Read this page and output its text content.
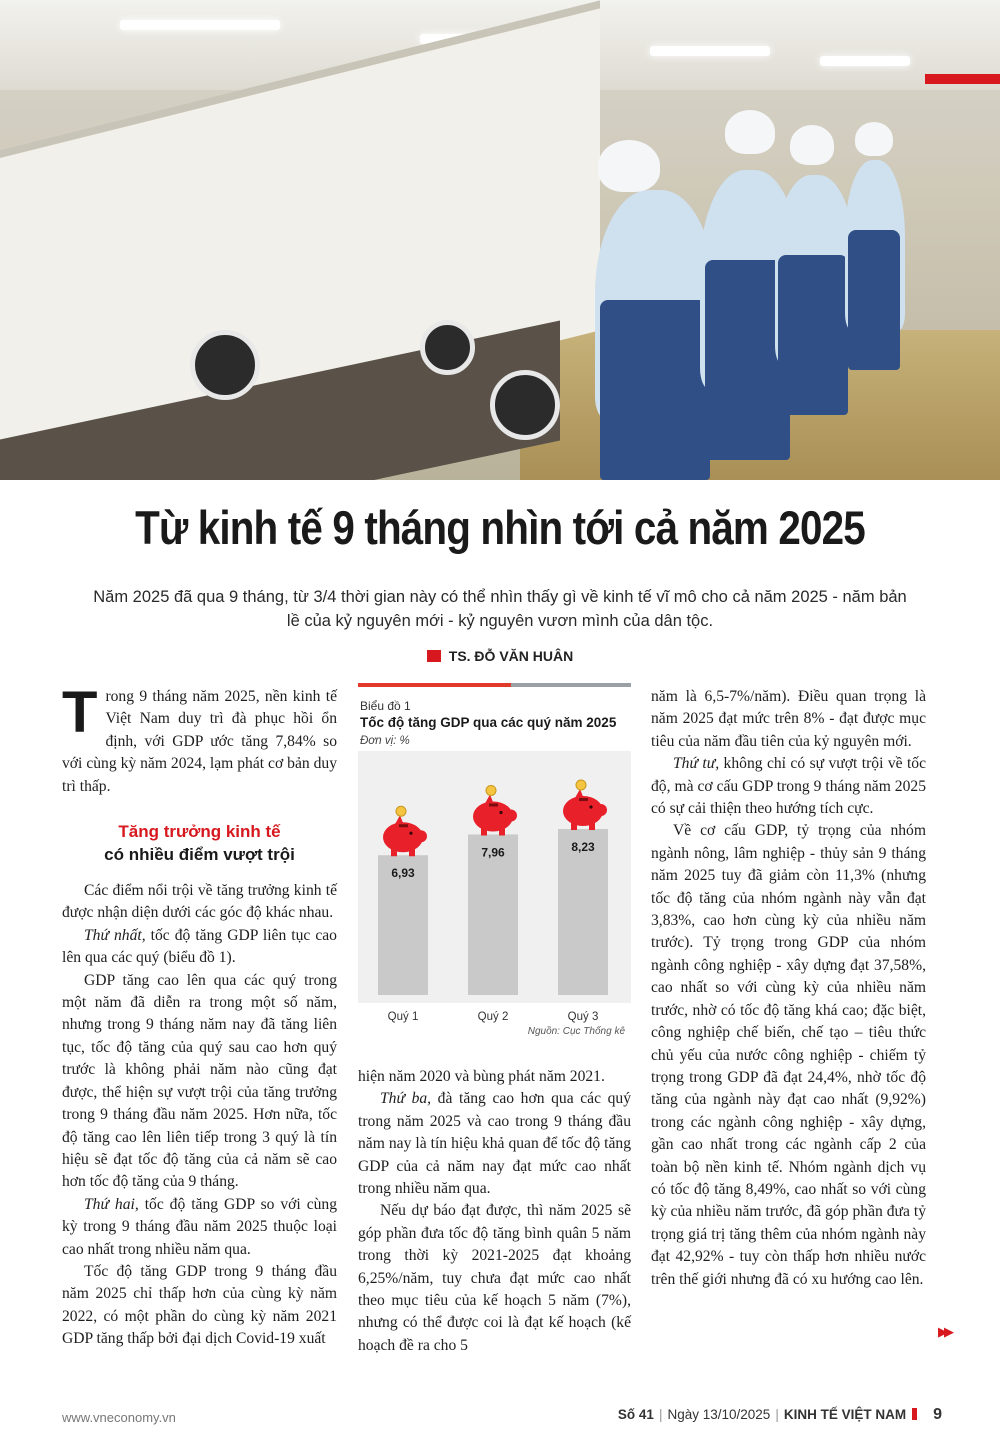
Từ kinh tế 9 tháng nhìn tới cả năm 2025

Năm 2025 đã qua 9 tháng, từ 3/4 thời gian này có thể nhìn thấy gì về kinh tế vĩ mô cho cả năm 2025 - năm bản lề của kỷ nguyên mới - kỷ nguyên vươn mình của dân tộc.

TS. ĐỖ VĂN HUÂN

Trong 9 tháng năm 2025, nền kinh tế Việt Nam duy trì đà phục hồi ổn định, với GDP ước tăng 7,84% so với cùng kỳ năm 2024, lạm phát cơ bản duy trì thấp.

Tăng trưởng kinh tế
có nhiều điểm vượt trội

Các điểm nổi trội về tăng trưởng kinh tế được nhận diện dưới các góc độ khác nhau.

Thứ nhất, tốc độ tăng GDP liên tục cao lên qua các quý (biểu đồ 1).

GDP tăng cao lên qua các quý trong một năm đã diễn ra trong một số năm, nhưng trong 9 tháng năm nay đã tăng liên tục, tốc độ tăng của quý sau cao hơn quý trước là không phải năm nào cũng đạt được, thể hiện sự vượt trội của tăng trưởng trong 9 tháng đầu năm 2025. Hơn nữa, tốc độ tăng cao lên liên tiếp trong 3 quý là tín hiệu sẽ đạt tốc độ tăng của cả năm sẽ cao hơn tốc độ tăng của 9 tháng.

Thứ hai, tốc độ tăng GDP so với cùng kỳ trong 9 tháng đầu năm 2025 thuộc loại cao nhất trong nhiều năm qua.

Tốc độ tăng GDP trong 9 tháng đầu năm 2025 chỉ thấp hơn của cùng kỳ năm 2022, có một phần do cùng kỳ năm 2021 GDP tăng thấp bởi đại dịch Covid-19 xuất

Biểu đồ 1
Tốc độ tăng GDP qua các quý năm 2025
Đơn vị: %
6,93
Quý 1
7,96
Quý 2
8,23
Quý 3
Nguồn: Cục Thống kê

hiện năm 2020 và bùng phát năm 2021.

Thứ ba, đà tăng cao hơn qua các quý trong năm 2025 và cao trong 9 tháng đầu năm nay là tín hiệu khả quan để tốc độ tăng GDP của cả năm nay đạt mức cao nhất trong nhiều năm qua.

Nếu dự báo đạt được, thì năm 2025 sẽ góp phần đưa tốc độ tăng bình quân 5 năm trong thời kỳ 2021-2025 đạt khoảng 6,25%/năm, tuy chưa đạt mức cao nhất theo mục tiêu của kế hoạch 5 năm (7%), nhưng có thể được coi là đạt kế hoạch (kế hoạch đề ra cho 5

năm là 6,5-7%/năm). Điều quan trọng là năm 2025 đạt mức trên 8% - đạt được mục tiêu của năm đầu tiên của kỷ nguyên mới.

Thứ tư, không chỉ có sự vượt trội về tốc độ, mà cơ cấu GDP trong 9 tháng năm 2025 có sự cải thiện theo hướng tích cực.

Về cơ cấu GDP, tỷ trọng của nhóm ngành nông, lâm nghiệp - thủy sản 9 tháng năm 2025 tuy đã giảm còn 11,3% (nhưng tốc độ tăng của nhóm ngành này vẫn đạt 3,83%, cao hơn cùng kỳ của nhiều năm trước). Tỷ trọng trong GDP của nhóm ngành công nghiệp - xây dựng đạt 37,58%, cao nhất so với cùng kỳ của nhiều năm trước, nhờ có tốc độ tăng khá cao; đặc biệt, công nghiệp chế biến, chế tạo – tiêu thức chủ yếu của nước công nghiệp - chiếm tỷ trọng trong GDP đã đạt 24,4%, nhờ tốc độ tăng của ngành này đạt cao nhất (9,92%) trong các ngành công nghiệp - xây dựng, gần cao nhất trong các ngành cấp 2 của toàn bộ nền kinh tế. Nhóm ngành dịch vụ có tốc độ tăng 8,49%, cao nhất so với cùng kỳ của nhiều năm trước, đã góp phần đưa tỷ trọng giá trị tăng thêm của nhóm ngành này đạt 42,92% - tuy còn thấp hơn nhiều nước trên thế giới nhưng đã có xu hướng cao lên.

▶▶
www.vneconomy.vn	Số 41 | Ngày 13/10/2025 | KINH TẾ VIỆT NAM 9
